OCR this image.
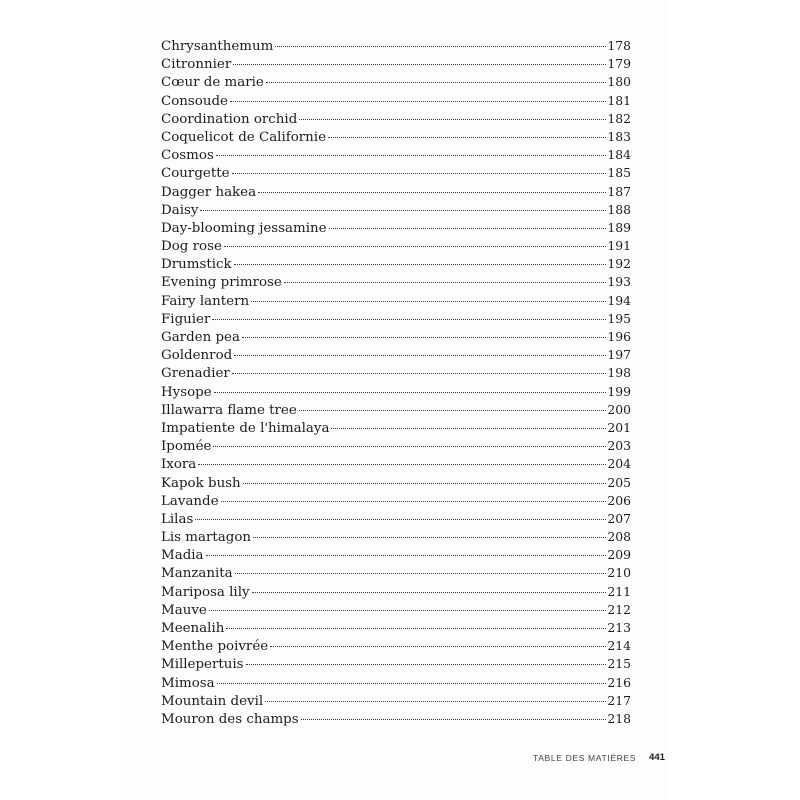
Chrysanthemum	178
Citronnier	179
Cœur de marie	180
Consoude	181
Coordination orchid	182
Coquelicot de Californie	183
Cosmos	184
Courgette	185
Dagger hakea	187
Daisy	188
Day-blooming jessamine	189
Dog rose	191
Drumstick	192
Evening primrose	193
Fairy lantern	194
Figuier	195
Garden pea	196
Goldenrod	197
Grenadier	198
Hysope	199
Illawarra flame tree	200
Impatiente de l'himalaya	201
Ipomée	203
Ixora	204
Kapok bush	205
Lavande	206
Lilas	207
Lis martagon	208
Madia	209
Manzanita	210
Mariposa lily	211
Mauve	212
Meenalih	213
Menthe poivrée	214
Millepertuis	215
Mimosa	216
Mountain devil	217
Mouron des champs	218
TABLE DES MATIÈRES 441
